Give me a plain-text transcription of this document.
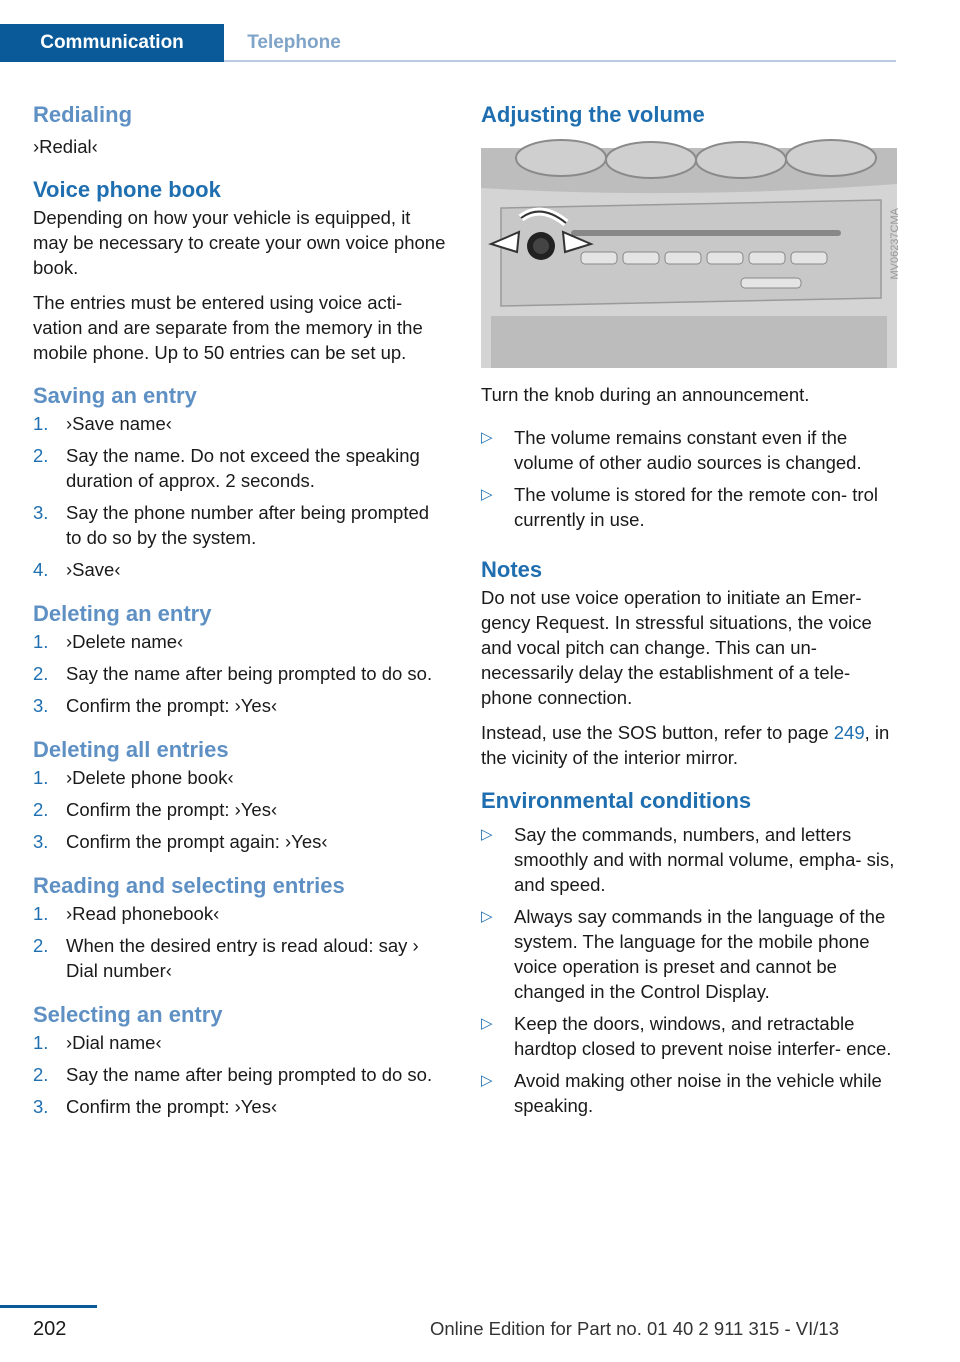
Communication	Telephone
Redialing

›Redial‹

Voice phone book

Depending on how your vehicle is equipped, it may be necessary to create your own voice phone book.

The entries must be entered using voice acti‐ vation and are separate from the memory in the mobile phone. Up to 50 entries can be set up.

Saving an entry
1. ›Save name‹
2. Say the name. Do not exceed the speaking duration of approx. 2 seconds.
3. Say the phone number after being prompted to do so by the system.
4. ›Save‹
Deleting an entry
1. ›Delete name‹
2. Say the name after being prompted to do so.
3. Confirm the prompt: ›Yes‹
Deleting all entries
1. ›Delete phone book‹
2. Confirm the prompt: ›Yes‹
3. Confirm the prompt again: ›Yes‹
Reading and selecting entries
1. ›Read phonebook‹
2. When the desired entry is read aloud: say › Dial number‹
Selecting an entry
1. ›Dial name‹
2. Say the name after being prompted to do so.
3. Confirm the prompt: ›Yes‹
Adjusting the volume
MV06237CMA

Turn the knob during an announcement.

▷ The volume remains constant even if the volume of other audio sources is changed.
▷ The volume is stored for the remote con‐ trol currently in use.
Notes

Do not use voice operation to initiate an Emer‐ gency Request. In stressful situations, the voice and vocal pitch can change. This can un‐ necessarily delay the establishment of a tele‐ phone connection.

Instead, use the SOS button, refer to page 249, in the vicinity of the interior mirror.

Environmental conditions
▷ Say the commands, numbers, and letters smoothly and with normal volume, empha‐ sis, and speed.
▷ Always say commands in the language of the system. The language for the mobile phone voice operation is preset and cannot be changed in the Control Display.
▷ Keep the doors, windows, and retractable hardtop closed to prevent noise interfer‐ ence.
▷ Avoid making other noise in the vehicle while speaking.
202	Online Edition for Part no. 01 40 2 911 315 - VI/13
